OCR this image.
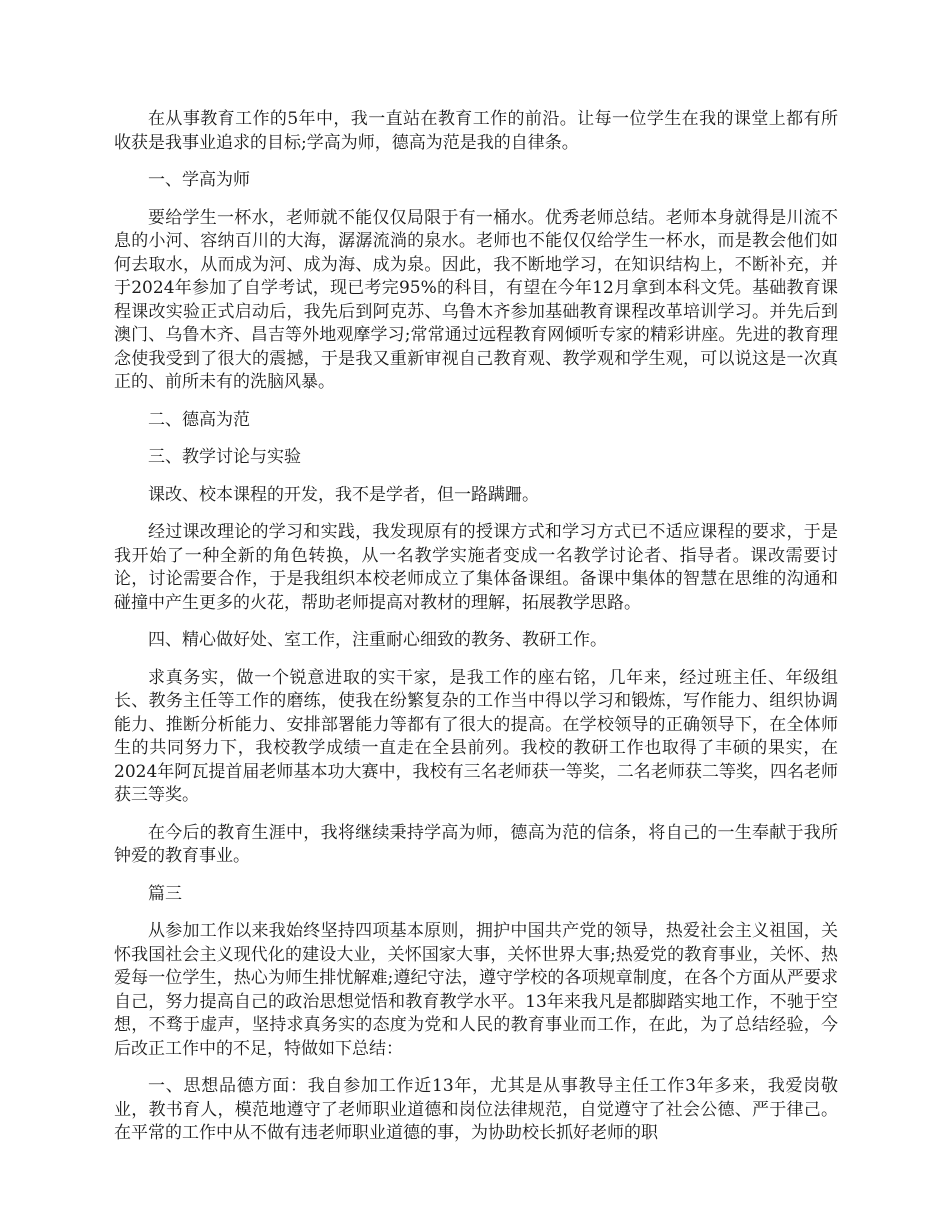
在从事教育工作的5年中，我一直站在教育工作的前沿。让每一位学生在我的课堂上都有所收获是我事业追求的目标;学高为师，德高为范是我的自律条。

一、学高为师

要给学生一杯水，老师就不能仅仅局限于有一桶水。优秀老师总结。老师本身就得是川流不息的小河、容纳百川的大海，潺潺流淌的泉水。老师也不能仅仅给学生一杯水，而是教会他们如何去取水，从而成为河、成为海、成为泉。因此，我不断地学习，在知识结构上，不断补充，并于2024年参加了自学考试，现已考完95%的科目，有望在今年12月拿到本科文凭。基础教育课程课改实验正式启动后，我先后到阿克苏、乌鲁木齐参加基础教育课程改革培训学习。并先后到澳门、乌鲁木齐、昌吉等外地观摩学习;常常通过远程教育网倾听专家的精彩讲座。先进的教育理念使我受到了很大的震撼，于是我又重新审视自己教育观、教学观和学生观，可以说这是一次真正的、前所未有的洗脑风暴。

二、德高为范

三、教学讨论与实验

课改、校本课程的开发，我不是学者，但一路蹒跚。

经过课改理论的学习和实践，我发现原有的授课方式和学习方式已不适应课程的要求，于是我开始了一种全新的角色转换，从一名教学实施者变成一名教学讨论者、指导者。课改需要讨论，讨论需要合作，于是我组织本校老师成立了集体备课组。备课中集体的智慧在思维的沟通和碰撞中产生更多的火花，帮助老师提高对教材的理解，拓展教学思路。

四、精心做好处、室工作，注重耐心细致的教务、教研工作。

求真务实，做一个锐意进取的实干家，是我工作的座右铭，几年来，经过班主任、年级组长、教务主任等工作的磨练，使我在纷繁复杂的工作当中得以学习和锻炼，写作能力、组织协调能力、推断分析能力、安排部署能力等都有了很大的提高。在学校领导的正确领导下，在全体师生的共同努力下，我校教学成绩一直走在全县前列。我校的教研工作也取得了丰硕的果实，在2024年阿瓦提首届老师基本功大赛中，我校有三名老师获一等奖，二名老师获二等奖，四名老师获三等奖。

在今后的教育生涯中，我将继续秉持学高为师，德高为范的信条，将自己的一生奉献于我所钟爱的教育事业。

篇三

从参加工作以来我始终坚持四项基本原则，拥护中国共产党的领导，热爱社会主义祖国，关怀我国社会主义现代化的建设大业，关怀国家大事，关怀世界大事;热爱党的教育事业，关怀、热爱每一位学生，热心为师生排忧解难;遵纪守法，遵守学校的各项规章制度，在各个方面从严要求自己，努力提高自己的政治思想觉悟和教育教学水平。13年来我凡是都脚踏实地工作，不驰于空想，不骛于虚声，坚持求真务实的态度为党和人民的教育事业而工作，在此，为了总结经验，今后改正工作中的不足，特做如下总结：

一、思想品德方面：我自参加工作近13年，尤其是从事教导主任工作3年多来，我爱岗敬业，教书育人，模范地遵守了老师职业道德和岗位法律规范，自觉遵守了社会公德、严于律己。在平常的工作中从不做有违老师职业道德的事，为协助校长抓好老师的职
